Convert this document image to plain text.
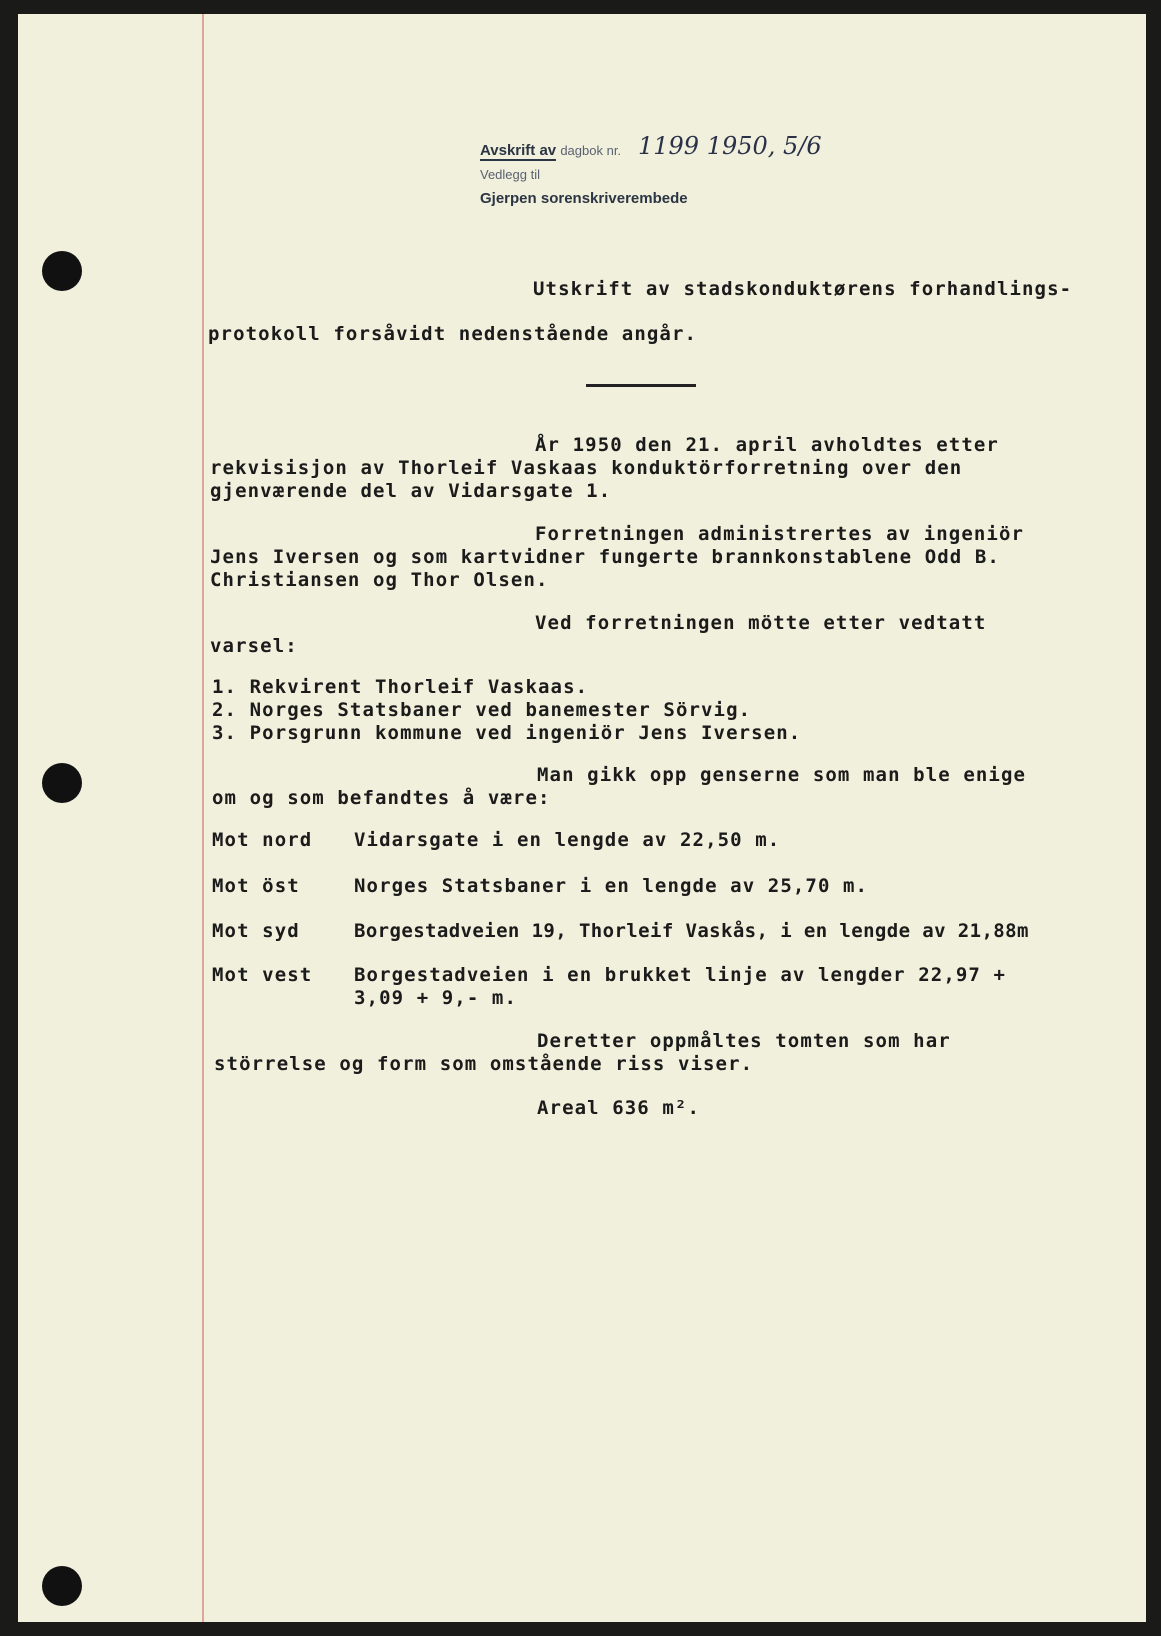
Avskrift av dagbok nr. 1199 1950, 5/6
Vedlegg til
Gjerpen sorenskriverembede
Utskrift av stadskonduktørens forhandlings-
protokoll forsåvidt nedenstående angår.
År 1950 den 21. april avholdtes etter
rekvisisjon av Thorleif Vaskaas konduktörforretning over den
gjenværende del av Vidarsgate 1.
Forretningen administrertes av ingeniör
Jens Iversen og som kartvidner fungerte brannkonstablene Odd B.
Christiansen og Thor Olsen.
Ved forretningen mötte etter vedtatt
varsel:
1. Rekvirent Thorleif Vaskaas.
2. Norges Statsbaner ved banemester Sörvig.
3. Porsgrunn kommune ved ingeniör Jens Iversen.
Man gikk opp genserne som man ble enige
om og som befandtes å være:
Mot nord Vidarsgate i en lengde av 22,50 m.
Mot öst	Norges Statsbaner i en lengde av 25,70 m.
Mot syd	Borgestadveien 19, Thorleif Vaskås, i en lengde av 21,88m
Mot vest Borgestadveien i en brukket linje av lengder 22,97 +
3,09 + 9,- m.
Deretter oppmåltes tomten som har
störrelse og form som omstående riss viser.
Areal 636 m².
